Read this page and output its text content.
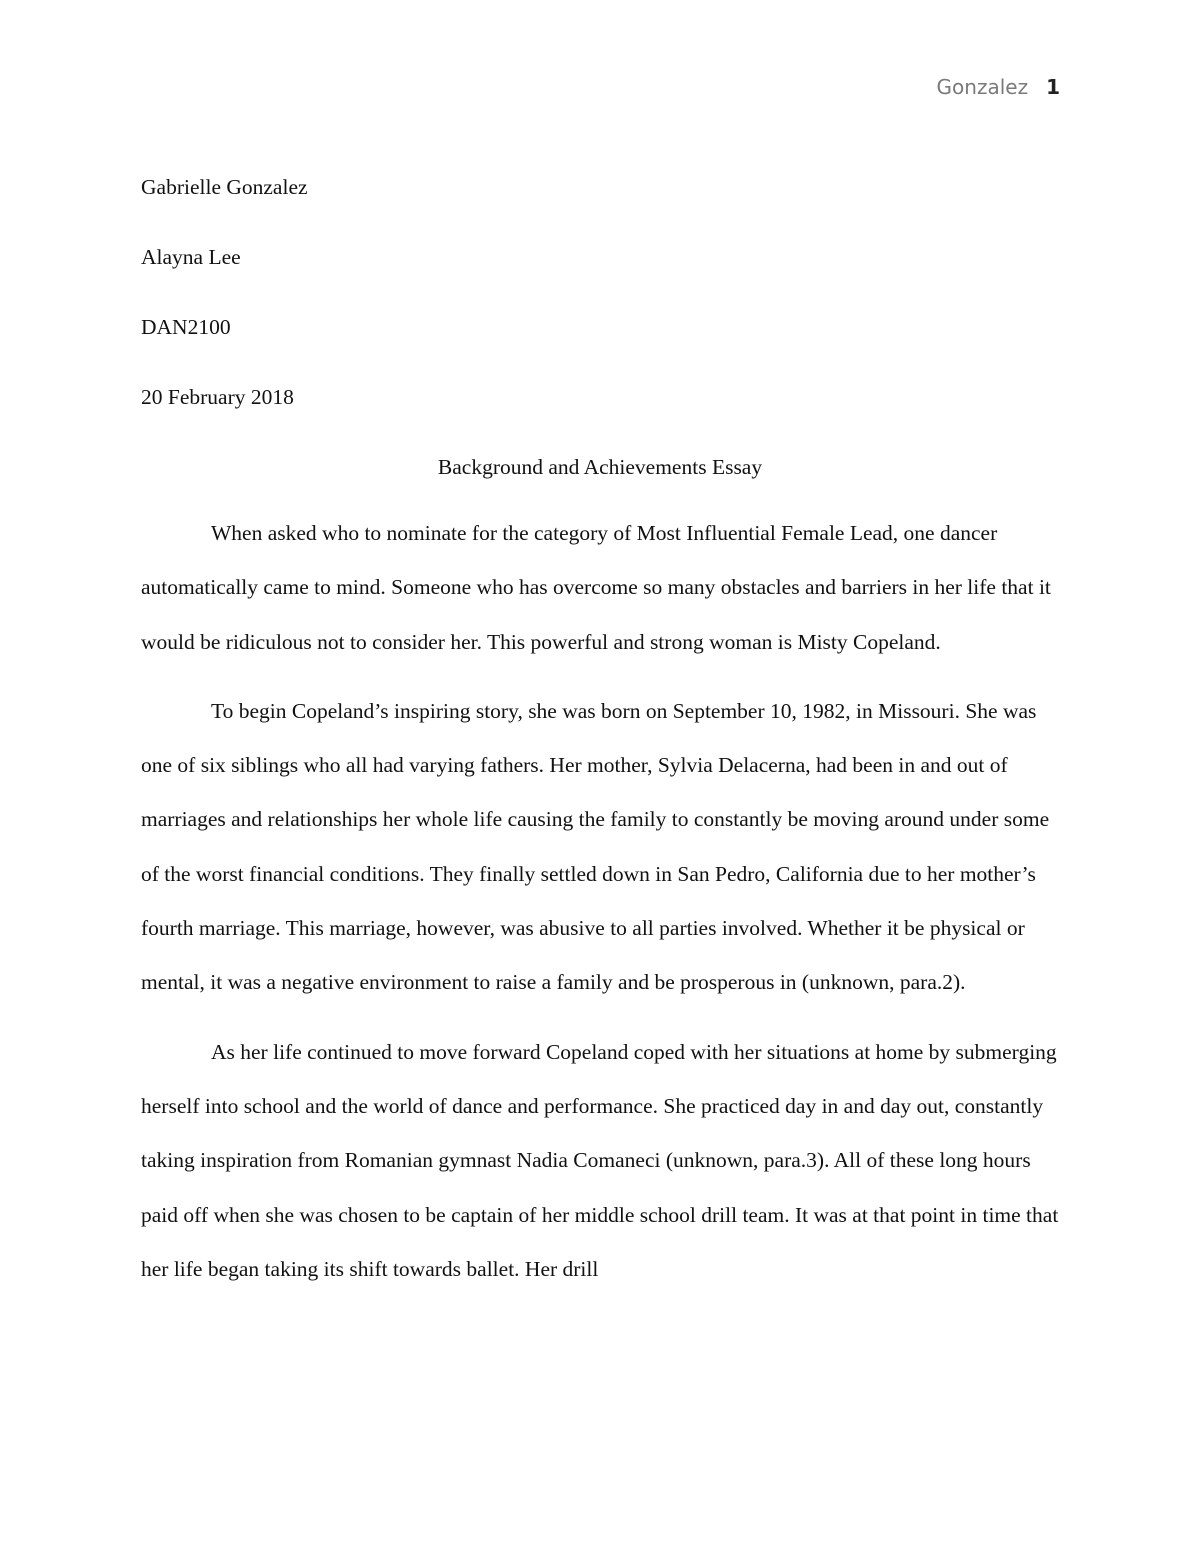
Gonzalez 1

Gabrielle Gonzalez

Alayna Lee

DAN2100

20 February 2018

Background and Achievements Essay

When asked who to nominate for the category of Most Influential Female Lead, one dancer automatically came to mind. Someone who has overcome so many obstacles and barriers in her life that it would be ridiculous not to consider her. This powerful and strong woman is Misty Copeland.

To begin Copeland’s inspiring story, she was born on September 10, 1982, in Missouri. She was one of six siblings who all had varying fathers. Her mother, Sylvia Delacerna, had been in and out of marriages and relationships her whole life causing the family to constantly be moving around under some of the worst financial conditions. They finally settled down in San Pedro, California due to her mother’s fourth marriage. This marriage, however, was abusive to all parties involved. Whether it be physical or mental, it was a negative environment to raise a family and be prosperous in (unknown, para.2).

As her life continued to move forward Copeland coped with her situations at home by submerging herself into school and the world of dance and performance. She practiced day in and day out, constantly taking inspiration from Romanian gymnast Nadia Comaneci (unknown, para.3). All of these long hours paid off when she was chosen to be captain of her middle school drill team. It was at that point in time that her life began taking its shift towards ballet. Her drill
